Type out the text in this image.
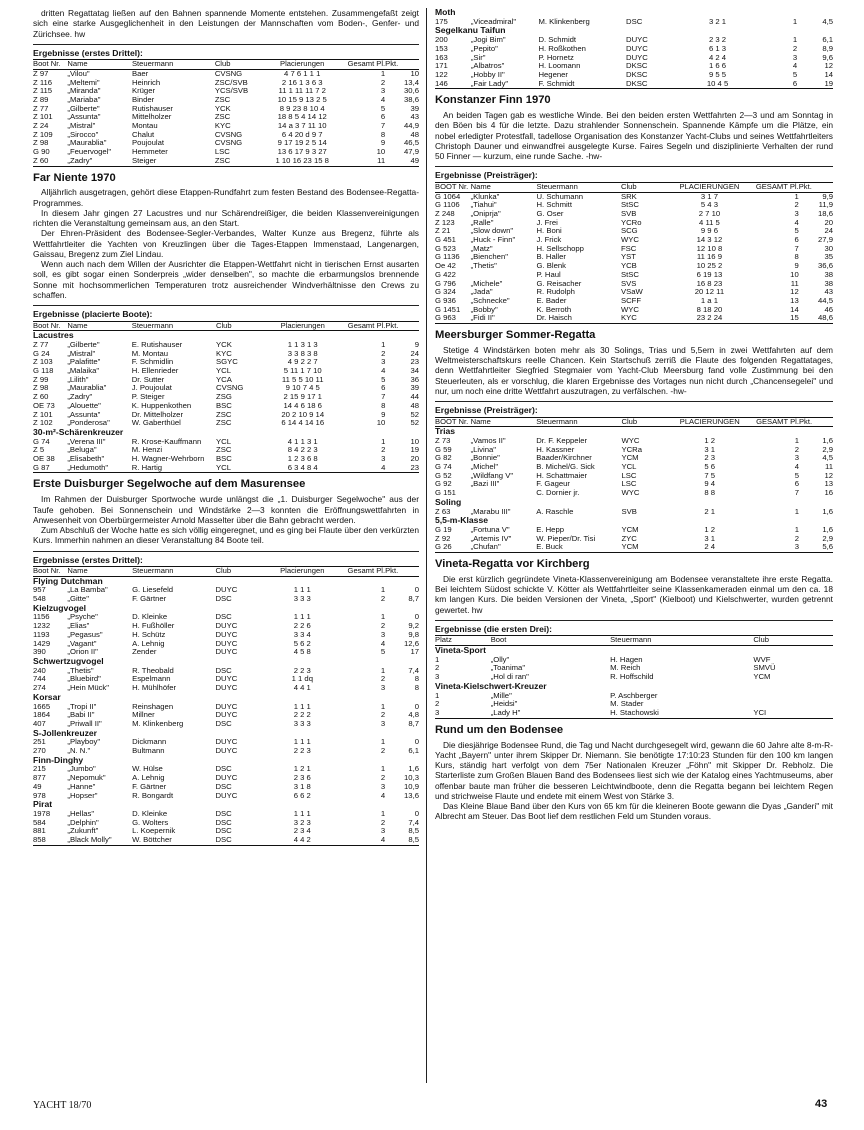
dritten Regattatag ließen auf den Bahnen spannende Momente entstehen. Zusammengefaßt zeigt sich eine starke Ausgeglichenheit in den Leistungen der Mannschaften vom Boden-, Genfer- und Zürichsee. hw

Ergebnisse (erstes Drittel):
Boot Nr.	Name	Steuermann	Club	Placierungen	Gesamt Pl.	Pkt.
Z 97	„Vilou"	Baer	CVSNG	4 7 6 1 1 1	1	10
Z 116	„Meltemi"	Heinrich	ZSC/SVB	2 16 1 3 6 3	2	13,4
Z 115	„Miranda"	Krüger	YCS/SVB	11 1 11 11 7 2	3	30,6
Z 89	„Mariaba"	Binder	ZSC	10 15 9 13 2 5	4	38,6
Z 77	„Gilberte"	Rutishauser	YCK	8 9 23 8 10 4	5	39
Z 101	„Assunta"	Mittelholzer	ZSC	18 8 5 4 14 12	6	43
Z 24	„Mistral"	Montau	KYC	14 a 3 7 11 10	7	44,9
Z 109	„Sirocco"	Chalut	CVSNG	6 4 20 d 9 7	8	48
Z 98	„Maurablia"	Poujoulat	CVSNG	9 17 19 2 5 14	9	46,5
G 90	„Feuervogel"	Hemmeter	LSC	13 6 17 9 3 27	10	47,9
Z 60	„Zadry"	Steiger	ZSC	1 10 16 23 15 8	11	49
Far Niente 1970

Alljährlich ausgetragen, gehört diese Etappen-Rundfahrt zum festen Bestand des Bodensee-Regatta-Programmes.

In diesem Jahr gingen 27 Lacustres und nur Schärendreißiger, die beiden Klassenvereinigungen richten die Veranstaltung gemeinsam aus, an den Start.

Der Ehren-Präsident des Bodensee-Segler-Verbandes, Walter Kunze aus Bregenz, führte als Wettfahrtleiter die Yachten von Kreuzlingen über die Tages-Etappen Immenstaad, Langenargen, Gaissau, Bregenz zum Ziel Lindau.

Wenn auch nach dem Willen der Ausrichter die Etappen-Wettfahrt nicht in tierischen Ernst ausarten soll, es gibt sogar einen Sonderpreis „wider denselben", so machte die erbarmungslos brennende Sonne mit hochsommerlichen Temperaturen trotz ausreichender Windverhältnisse den Crews zu schaffen.

Ergebnisse (placierte Boote):
Boot Nr.	Name	Steuermann	Club	Placierungen	Gesamt Pl.	Pkt.
Lacustres						
Z 77	„Gilberte"	E. Rutishauser	YCK	1 1 3 1 3	1	9
G 24	„Mistral"	M. Montau	KYC	3 3 8 3 8	2	24
Z 103	„Palafitte"	F. Schmidlin	SGYC	4 9 2 2 7	3	23
G 118	„Malaika"	H. Ellenrieder	YCL	5 11 1 7 10	4	34
Z 99	„Lilith"	Dr. Sutter	YCA	11 5 5 10 11	5	36
Z 98	„Maurablia"	J. Poujoulat	CVSNG	9 10 7 4 5	6	39
Z 60	„Zadry"	P. Steiger	ZSG	2 15 9 17 1	7	44
OE 73	„Alouette"	K. Huppenkothen	BSC	14 4 6 18 6	8	48
Z 101	„Assunta"	Dr. Mittelholzer	ZSC	20 2 10 9 14	9	52
Z 102	„Ponderosa"	W. Gaberthüel	ZSC	6 14 4 14 16	10	52
30-m²-Schärenkreuzer						
G 74	„Verena III"	R. Krose-Kauffmann	YCL	4 1 1 3 1	1	10
Z 5	„Beluga"	M. Henzi	ZSC	8 4 2 2 3	2	19
OE 38	„Elisabeth"	H. Wagner-Wehrborn	BSC	1 2 3 6 8	3	20
G 87	„Hedumoth"	R. Hartig	YCL	6 3 4 8 4	4	23
Erste Duisburger Segelwoche auf dem Masurensee

Im Rahmen der Duisburger Sportwoche wurde unlängst die „1. Duisburger Segelwoche" aus der Taufe gehoben. Bei Sonnenschein und Windstärke 2—3 konnten die Eröffnungswettfahrten in Anwesenheit von Oberbürgermeister Arnold Masselter über die Bahn gebracht werden.

Zum Abschluß der Woche hatte es sich völlig eingeregnet, und es ging bei Flaute über den verkürzten Kurs. Immerhin nahmen an dieser Veranstaltung 84 Boote teil.

Ergebnisse (erstes Drittel):
Boot Nr.	Name	Steuermann	Club	Placierungen	Gesamt Pl.	Pkt.
Flying Dutchman						
957	„La Bamba"	G. Liesefeld	DUYC	1 1 1	1	0
548	„Gitte"	F. Gärtner	DSC	3 3 3	2	8,7
Kielzugvogel						
1156	„Psyche"	D. Kleinke	DSC	1 1 1	1	0
1232	„Elias"	H. Fußhöller	DUYC	2 2 6	2	9,2
1193	„Pegasus"	H. Schütz	DUYC	3 3 4	3	9,8
1429	„Vagant"	A. Lehnig	DUYC	5 6 2	4	12,6
390	„Orion II"	Zender	DUYC	4 5 8	5	17
Schwertzugvogel						
240	„Thetis"	R. Theobald	DSC	2 2 3	1	7,4
744	„Bluebird"	Espelmann	DUYC	1 1 dq	2	8
274	„Hein Mück"	H. Mühlhöfer	DUYC	4 4 1	3	8
Korsar						
1665	„Tropi II"	Reinshagen	DUYC	1 1 1	1	0
1864	„Babi II"	Millner	DUYC	2 2 2	2	4,8
407	„Priwall II"	M. Klinkenberg	DSC	3 3 3	3	8,7
S-Jollenkreuzer						
251	„Playboy"	Dickmann	DUYC	1 1 1	1	0
270	„N. N."	Bultmann	DUYC	2 2 3	2	6,1
Finn-Dinghy						
215	„Jumbo"	W. Hülse	DSC	1 2 1	1	1,6
877	„Nepomuk"	A. Lehnig	DUYC	2 3 6	2	10,3
49	„Hanne"	F. Gärtner	DSC	3 1 8	3	10,9
978	„Hopser"	R. Bongardt	DUYC	6 6 2	4	13,6
Pirat						
1978	„Hellas"	D. Kleinke	DSC	1 1 1	1	0
584	„Delphin"	G. Wolters	DSC	3 2 3	2	7,4
881	„Zukunft"	L. Koepernik	DSC	2 3 4	3	8,5
858	„Black Molly"	W. Böttcher	DSC	4 4 2	4	8,5
Moth						
175	„Viceadmiral"	M. Klinkenberg	DSC	3 2 1	1	4,5
Segelkanu Taifun						
200	„Jogi Bim"	D. Schmidt	DUYC	2 3 2	1	6,1
153	„Pepito"	H. Roßkothen	DUYC	6 1 3	2	8,9
163	„Sir"	P. Hornetz	DUYC	4 2 4	3	9,6
171	„Albatros"	H. Loomann	DKSC	1 6 6	4	12
122	„Hobby II"	Hegener	DKSC	9 5 5	5	14
146	„Fair Lady"	F. Schmidt	DKSC	10 4 5	6	19
Konstanzer Finn 1970

An beiden Tagen gab es westliche Winde. Bei den beiden ersten Wettfahrten 2—3 und am Sonntag in den Böen bis 4 für die letzte. Dazu strahlender Sonnenschein. Spannende Kämpfe um die Plätze, ein nobel erledigter Protestfall, tadellose Organisation des Konstanzer Yacht-Clubs und seines Wettfahrtleiters Christoph Dauner und einwandfrei ausgelegte Kurse. Faires Segeln und disziplinierte Verhalten der rund 50 Finner — kurzum, eine runde Sache. -hw-

Ergebnisse (Preisträger):
BOOT Nr.	Name	Steuermann	Club	PLACIERUNGEN	GESAMT Pl.	Pkt.
G 1064	„Klunka"	U. Schumann	SRK	3 1 7	1	9,9
G 1106	„Tiahui"	H. Schmitt	StSC	5 4 3	2	11,9
Z 248	„Oniprja"	G. Oser	SVB	2 7 10	3	18,6
Z 123	„Ralle"	J. Frei	YCRo	4 11 5	4	20
Z 21	„Slow down"	H. Boni	SCG	9 9 6	5	24
G 451	„Huck - Finn"	J. Frick	WYC	14 3 12	6	27,9
G 523	„Matz"	H. Sellschopp	FSC	12 10 8	7	30
G 1136	„Bienchen"	B. Haller	YST	11 16 9	8	35
Oe 42	„Thetis"	G. Blenk	YCB	10 25 2	9	36,6
G 422		P. Haul	StSC	6 19 13	10	38
G 796	„Michele"	G. Reisacher	SVS	16 8 23	11	38
G 324	„Jada"	R. Rudolph	VSaW	20 12 11	12	43
G 936	„Schnecke"	E. Bader	SCFF	1 a 1	13	44,5
G 1451	„Bobby"	K. Berroth	WYC	8 18 20	14	46
G 963	„Fidi II"	Dr. Haisch	KYC	23 2 24	15	48,6
Meersburger Sommer-Regatta

Stetige 4 Windstärken boten mehr als 30 Solings, Trias und 5,5ern in zwei Wettfahrten auf dem Weltmeisterschaftskurs reelle Chancen. Kein Startschuß zerriß die Flaute des folgenden Regattatages, denn Wettfahrtleiter Siegfried Stegmaier vom Yacht-Club Meersburg fand volle Zustimmung bei den Steuerleuten, als er vorschlug, die klaren Ergebnisse des Vortages nun nicht durch „Chancensegelei" und nur, um noch eine dritte Wettfahrt auszutragen, zu verfälschen. -hw-

Ergebnisse (Preisträger):
BOOT Nr.	Name	Steuermann	Club	PLACIERUNGEN	GESAMT Pl.	Pkt.
Trias						
Z 73	„Vamos II"	Dr. F. Keppeler	WYC	1 2	1	1,6
G 59	„Livina"	H. Kassner	YCRa	3 1	2	2,9
G 82	„Bonnie"	Baader/Kirchner	YCM	2 3	3	4,5
G 74	„Michel"	B. Michel/G. Sick	YCL	5 6	4	11
G 52	„Wildfang V"	H. Schattmaier	LSC	7 5	5	12
G 92	„Bazi III"	F. Gageur	LSC	9 4	6	13
G 151		C. Dornier jr.	WYC	8 8	7	16
Soling						
Z 63	„Marabu III"	A. Raschle	SVB	2 1	1	1,6
5,5-m-Klasse						
G 19	„Fortuna V"	E. Hepp	YCM	1 2	1	1,6
Z 92	„Artemis IV"	W. Pieper/Dr. Tisi	ZYC	3 1	2	2,9
G 26	„Chufan"	E. Buck	YCM	2 4	3	5,6
Vineta-Regatta vor Kirchberg

Die erst kürzlich gegründete Vineta-Klassenvereinigung am Bodensee veranstaltete ihre erste Regatta. Bei leichtem Südost schickte V. Kötter als Wettfahrtleiter seine Klassenkameraden einmal um den ca. 18 km langen Kurs. Die beiden Versionen der Vineta, „Sport" (Kielboot) und Kielschwerter, wurden getrennt gewertet. hw

Ergebnisse (die ersten Drei):
Platz	Boot	Steuermann	Club
Vineta-Sport			
1	„Olly"	H. Hagen	WVF
2	„Toanima"	M. Reich	SMVÜ
3	„Hol di ran"	R. Hoffschild	YCM
Vineta-Kielschwert-Kreuzer			
1	„Mille"	P. Aschberger	
2	„Heidsi"	M. Stader	
3	„Lady H"	H. Stachowski	YCI
Rund um den Bodensee

Die diesjährige Bodensee Rund, die Tag und Nacht durchgesegelt wird, gewann die 60 Jahre alte 8-m-R-Yacht „Bayern" unter ihrem Skipper Dr. Niemann. Sie benötigte 17:10:23 Stunden für den 100 km langen Kurs, ständig hart verfolgt von dem 75er Nationalen Kreuzer „Föhn" mit Skipper Dr. Rebholz. Die Starterliste zum Großen Blauen Band des Bodensees liest sich wie der Katalog eines Yachtmuseums, aber offenbar baute man früher die besseren Leichtwindboote, denn die Regatta begann bei leichtem Regen und strichweise Flaute und endete mit einem West von Stärke 3.

Das Kleine Blaue Band über den Kurs von 65 km für die kleineren Boote gewann die Dyas „Ganderi" mit Albrecht am Steuer. Das Boot lief dem restlichen Feld um Stunden voraus.

YACHT 18/70	43
